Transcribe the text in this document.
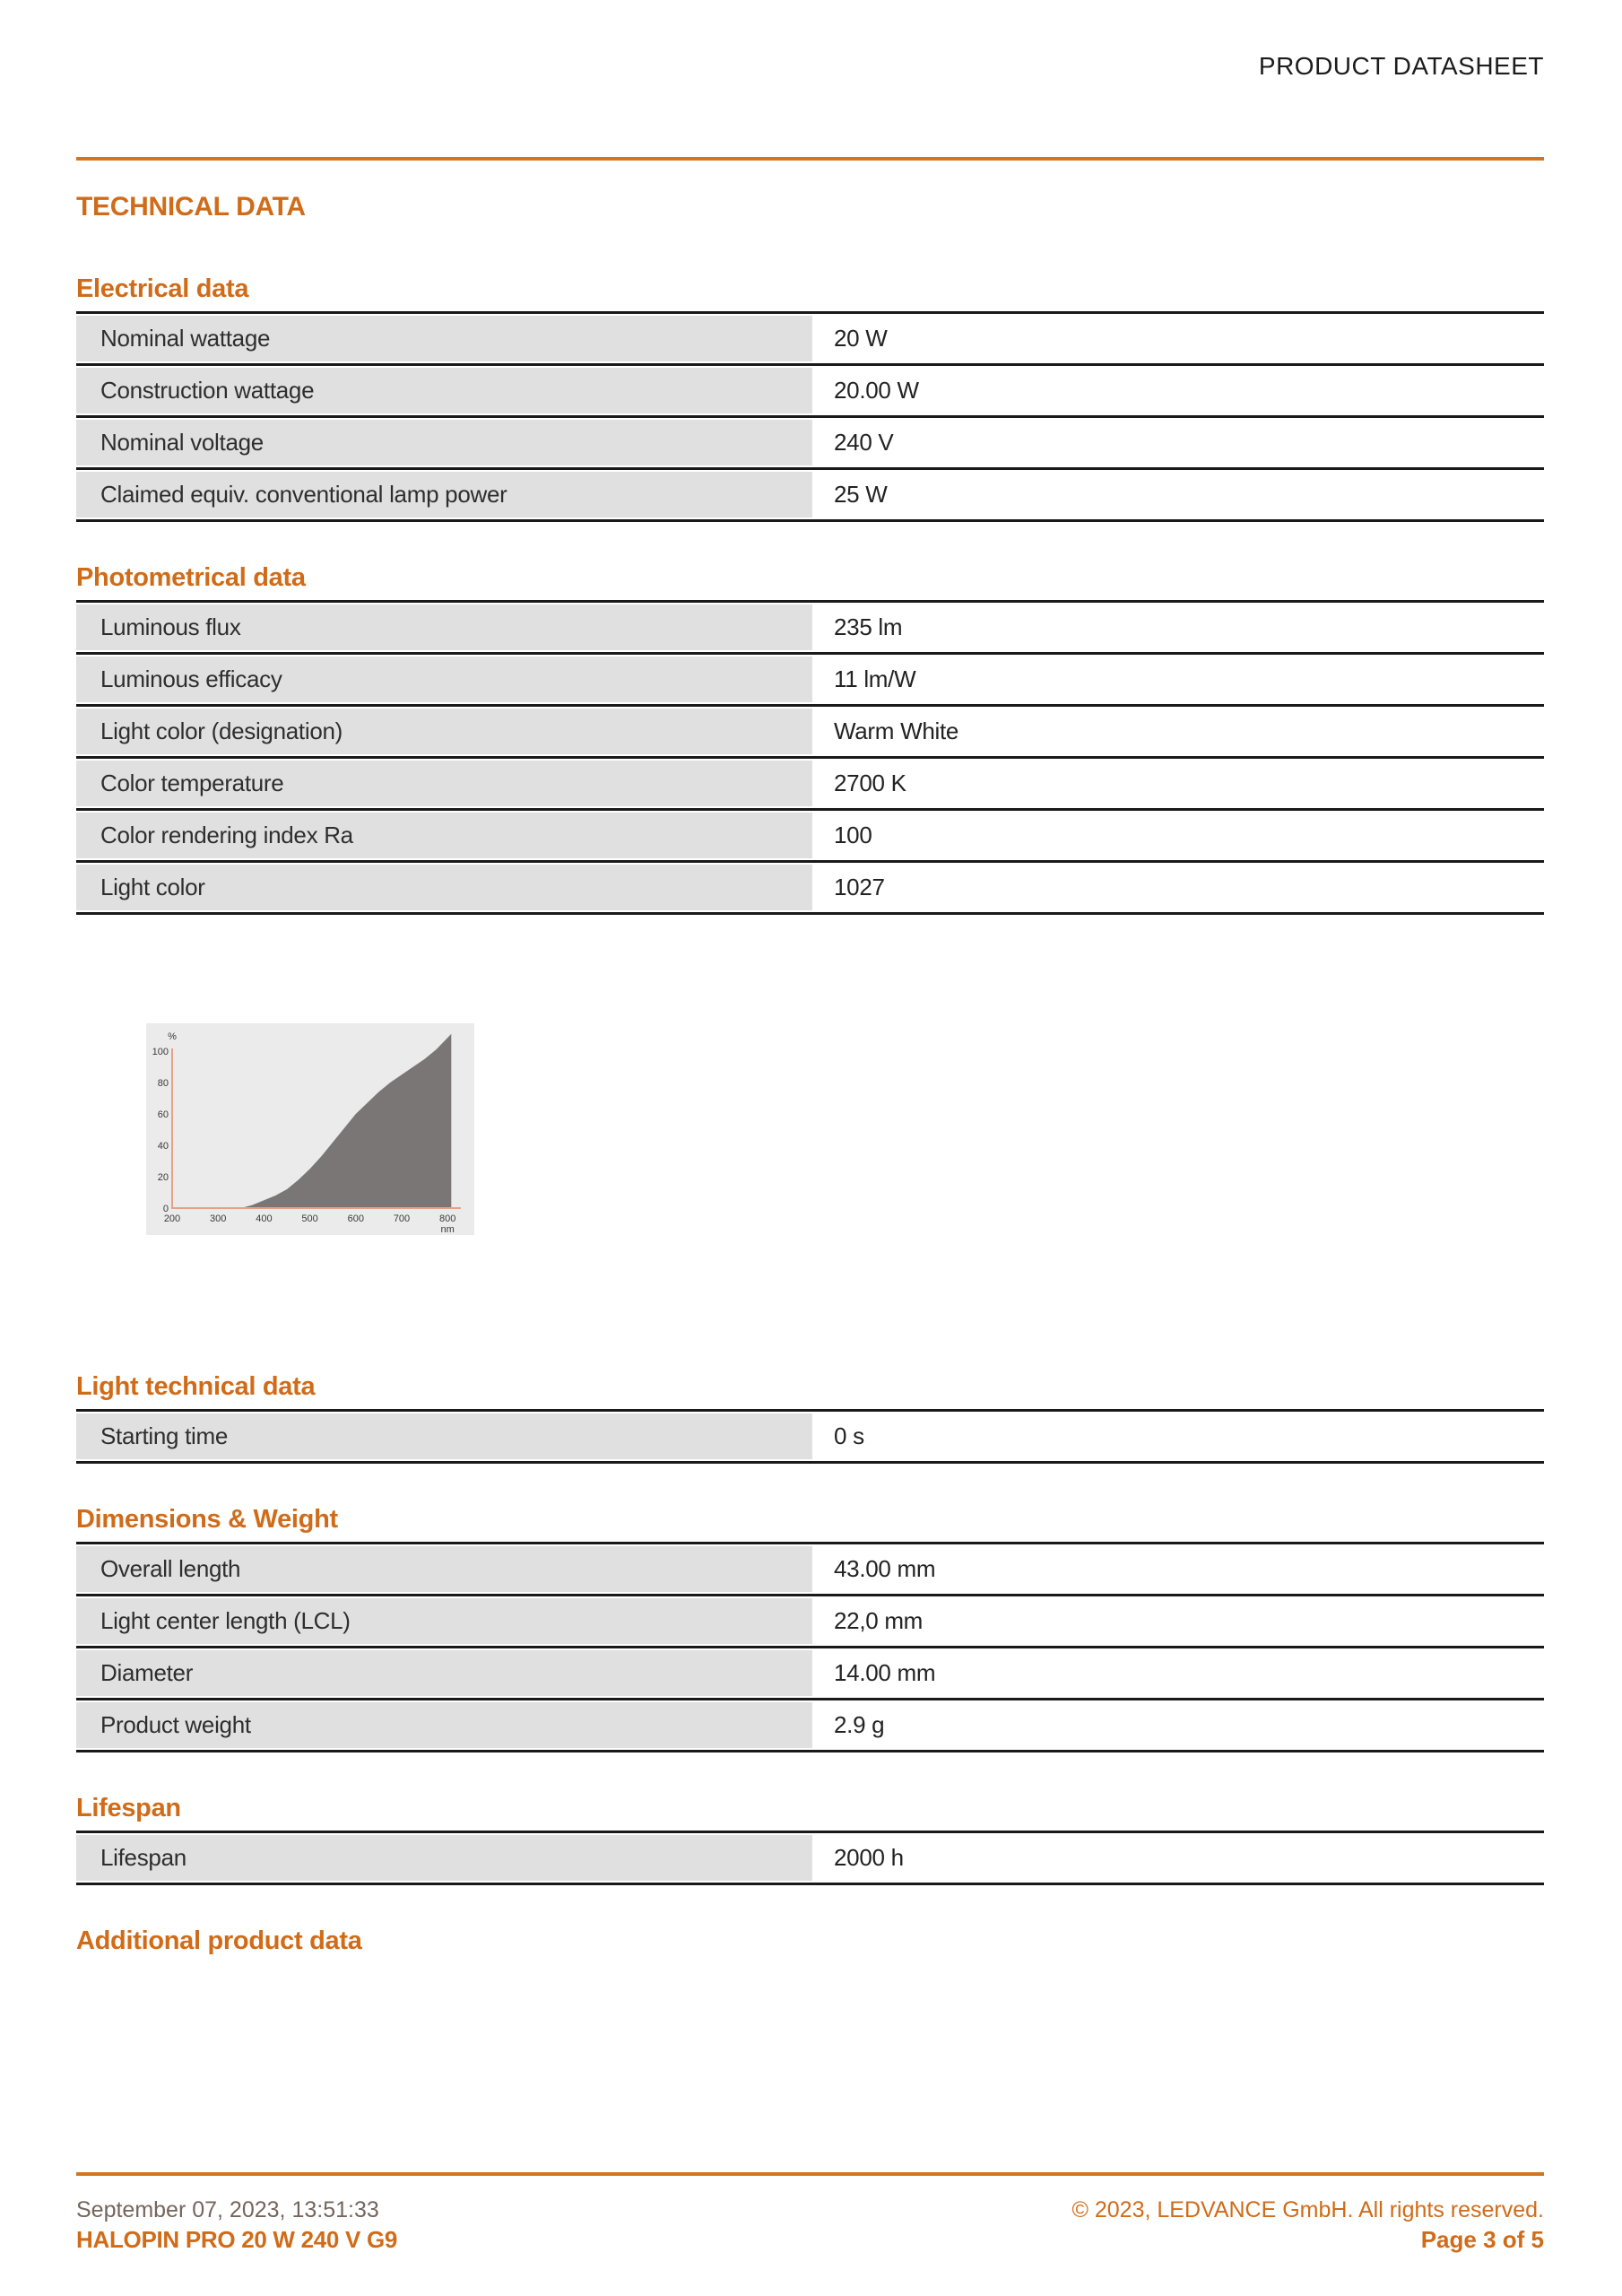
PRODUCT DATASHEET
TECHNICAL DATA
Electrical data
Nominal wattage	20 W
Construction wattage	20.00 W
Nominal voltage	240 V
Claimed equiv. conventional lamp power	25 W
Photometrical data
Luminous flux	235 lm
Luminous efficacy	11 lm/W
Light color (designation)	Warm White
Color temperature	2700 K
Color rendering index Ra	100
Light color	1027
0
20
40
60
80
100
200	300	400	500	600	700	800
%
nm
Light technical data
Starting time	0 s
Dimensions & Weight
Overall length	43.00 mm
Light center length (LCL)	22,0 mm
Diameter	14.00 mm
Product weight	2.9 g
Lifespan
Lifespan	2000 h
Additional product data
September 07, 2023, 13:51:33	© 2023, LEDVANCE GmbH. All rights reserved.
HALOPIN PRO 20 W 240 V G9	Page 3 of 5
